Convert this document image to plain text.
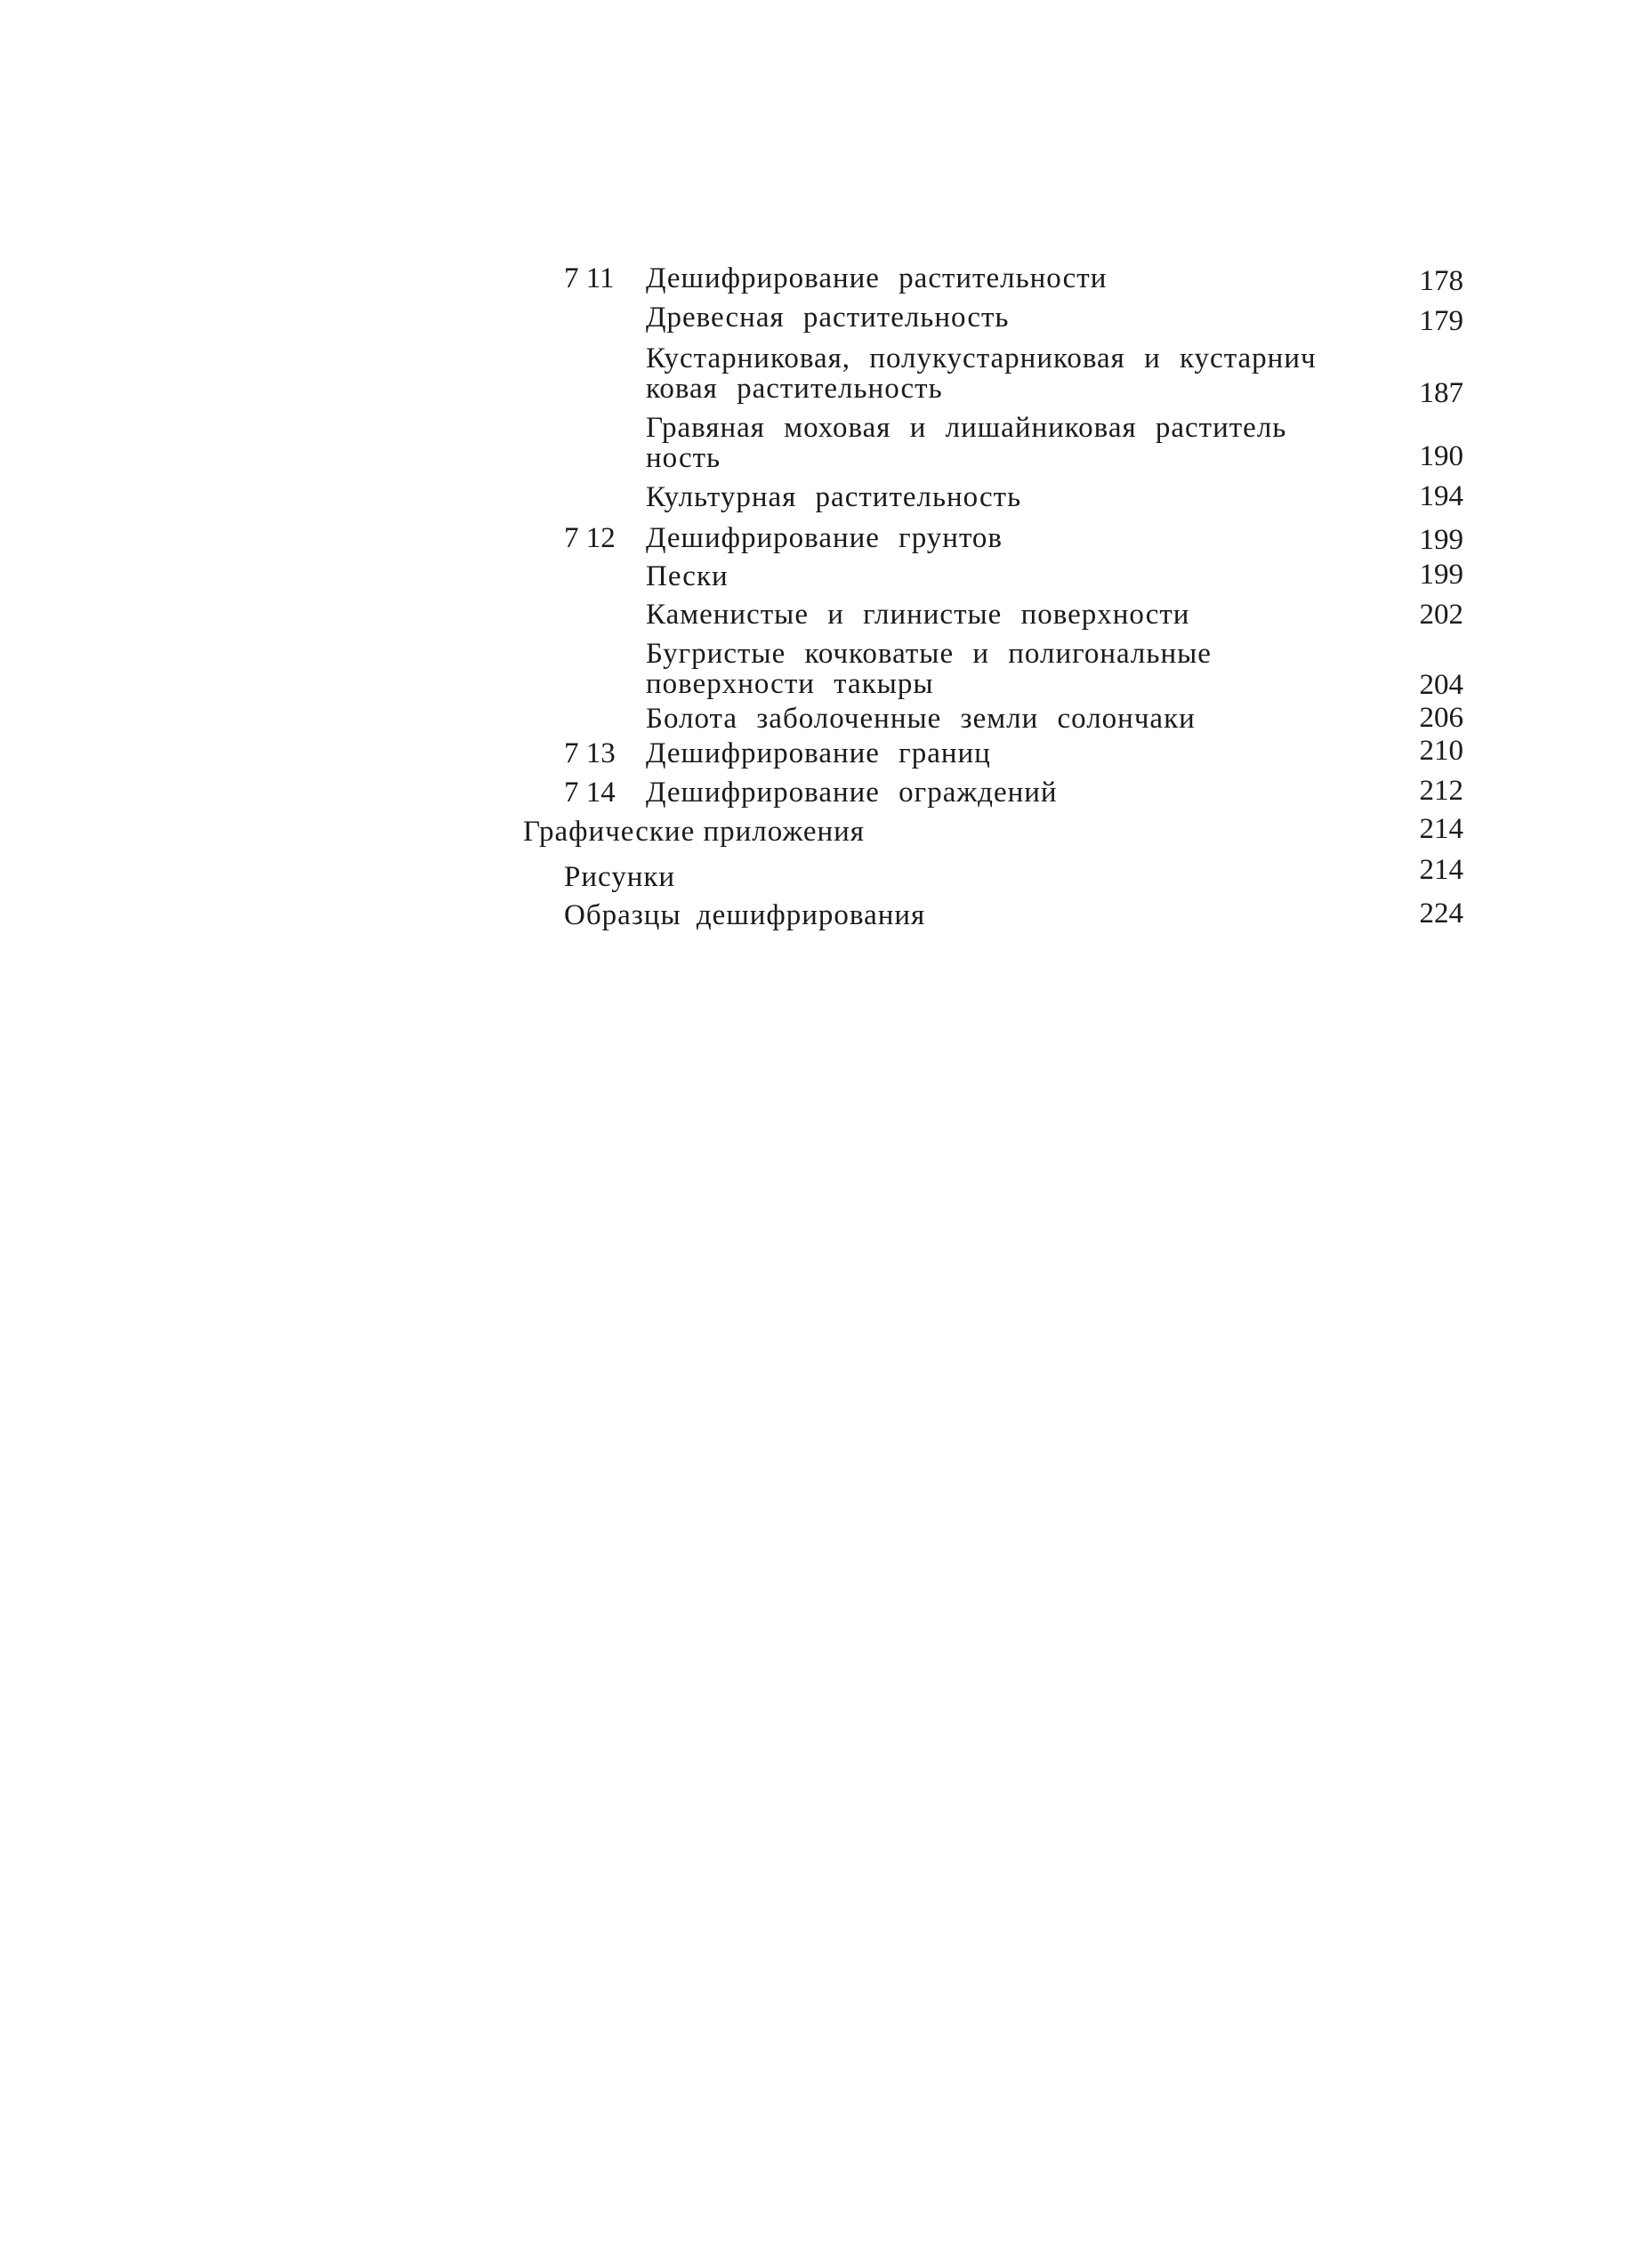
7 11 Дешифрирование растительности	178
Древесная растительность	179
Кустарниковая, полукустарниковая и кустарнич
ковая растительность	187
Гравяная моховая и лишайниковая раститель
ность	190
Культурная растительность	194
7 12 Дешифрирование грунтов	199
Пески	199
Каменистые и глинистые поверхности	202
Бугристые кочковатые и полигональные
поверхности такыры	204
Болота заболоченные земли солончаки	206
7 13 Дешифрирование границ	210
7 14 Дешифрирование ограждений	212
Графические приложения	214
Рисунки	214
Образцы дешифрирования	224
